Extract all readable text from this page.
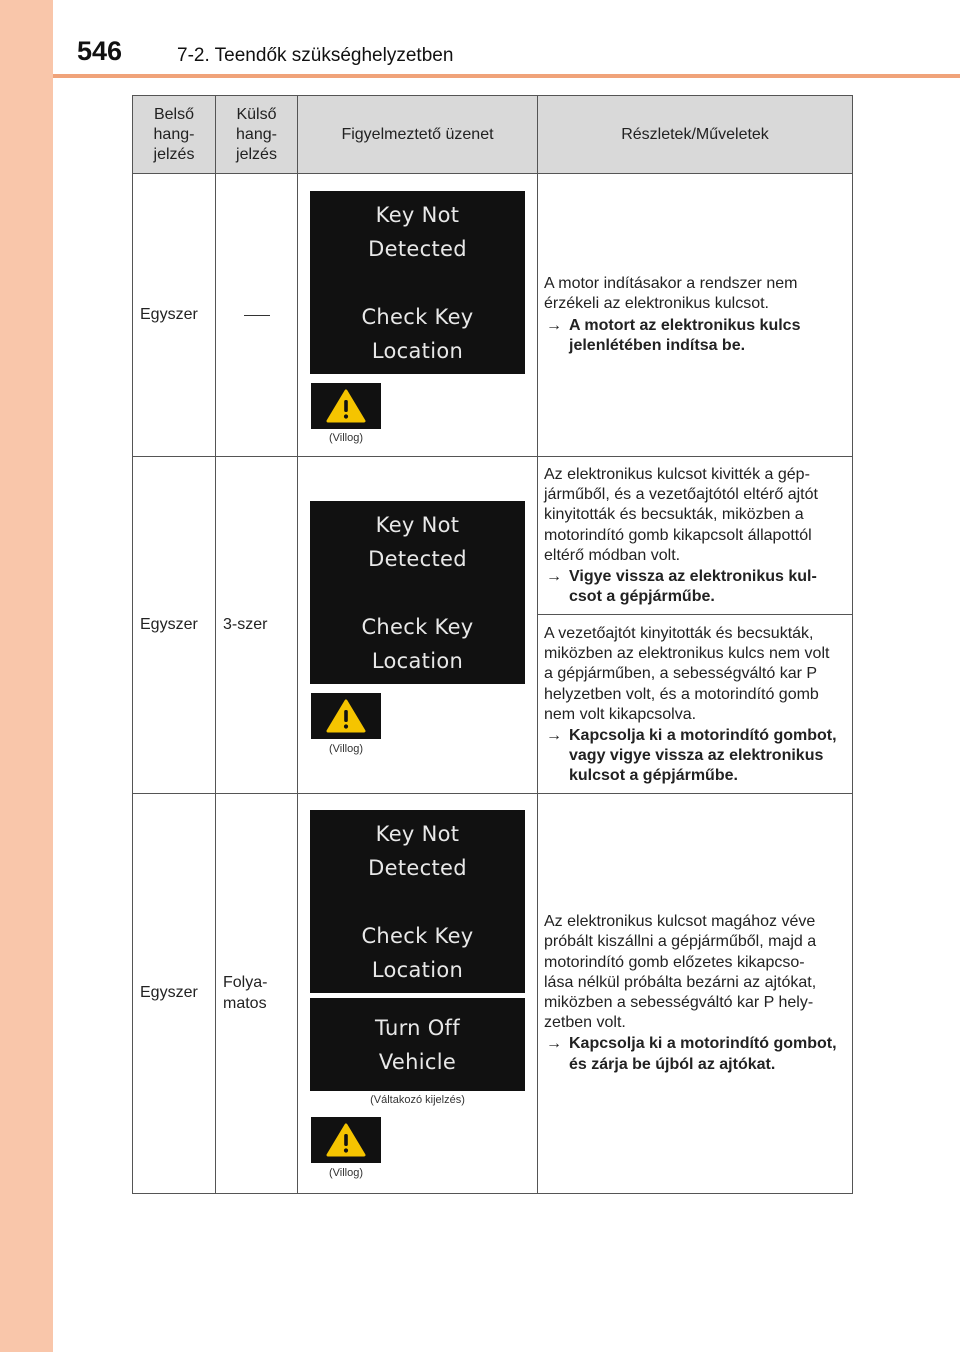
546	7-2. Teendők szükséghelyzetben
Belső
hang-
jelzés
Külső
hang-
jelzés
Figyelmeztető üzenet	Részletek/Műveletek
Egyszer
Key Not
Detected
Check Key
Location
(Villog)
A motor indításakor a rendszer nem érzékeli az elektronikus kulcsot.
→ A motort az elektronikus kulcs jelenlétében indítsa be.
Egyszer 3-szer
Key Not
Detected
Check Key
Location
(Villog)
Az elektronikus kulcsot kivitték a gép-
járműből, és a vezetőajtótól eltérő ajtót
kinyitották és becsukták, miközben a
motorindító gomb kikapcsolt állapottól
eltérő módban volt.
→ Vigye vissza az elektronikus kul- csot a gépjárműbe.
A vezetőajtót kinyitották és becsukták,
miközben az elektronikus kulcs nem volt
a gépjárműben, a sebességváltó kar P
helyzetben volt, és a motorindító gomb
nem volt kikapcsolva.
→ Kapcsolja ki a motorindító gombot, vagy vigye vissza az elektronikus kulcsot a gépjárműbe.
Egyszer
Folya-
matos
Key Not
Detected
Check Key
Location
Turn Off
Vehicle
(Váltakozó kijelzés)
(Villog)
Az elektronikus kulcsot magához véve
próbált kiszállni a gépjárműből, majd a
motorindító gomb előzetes kikapcso-
lása nélkül próbálta bezárni az ajtókat,
miközben a sebességváltó kar P hely-
zetben volt.
→ Kapcsolja ki a motorindító gombot, és zárja be újból az ajtókat.
